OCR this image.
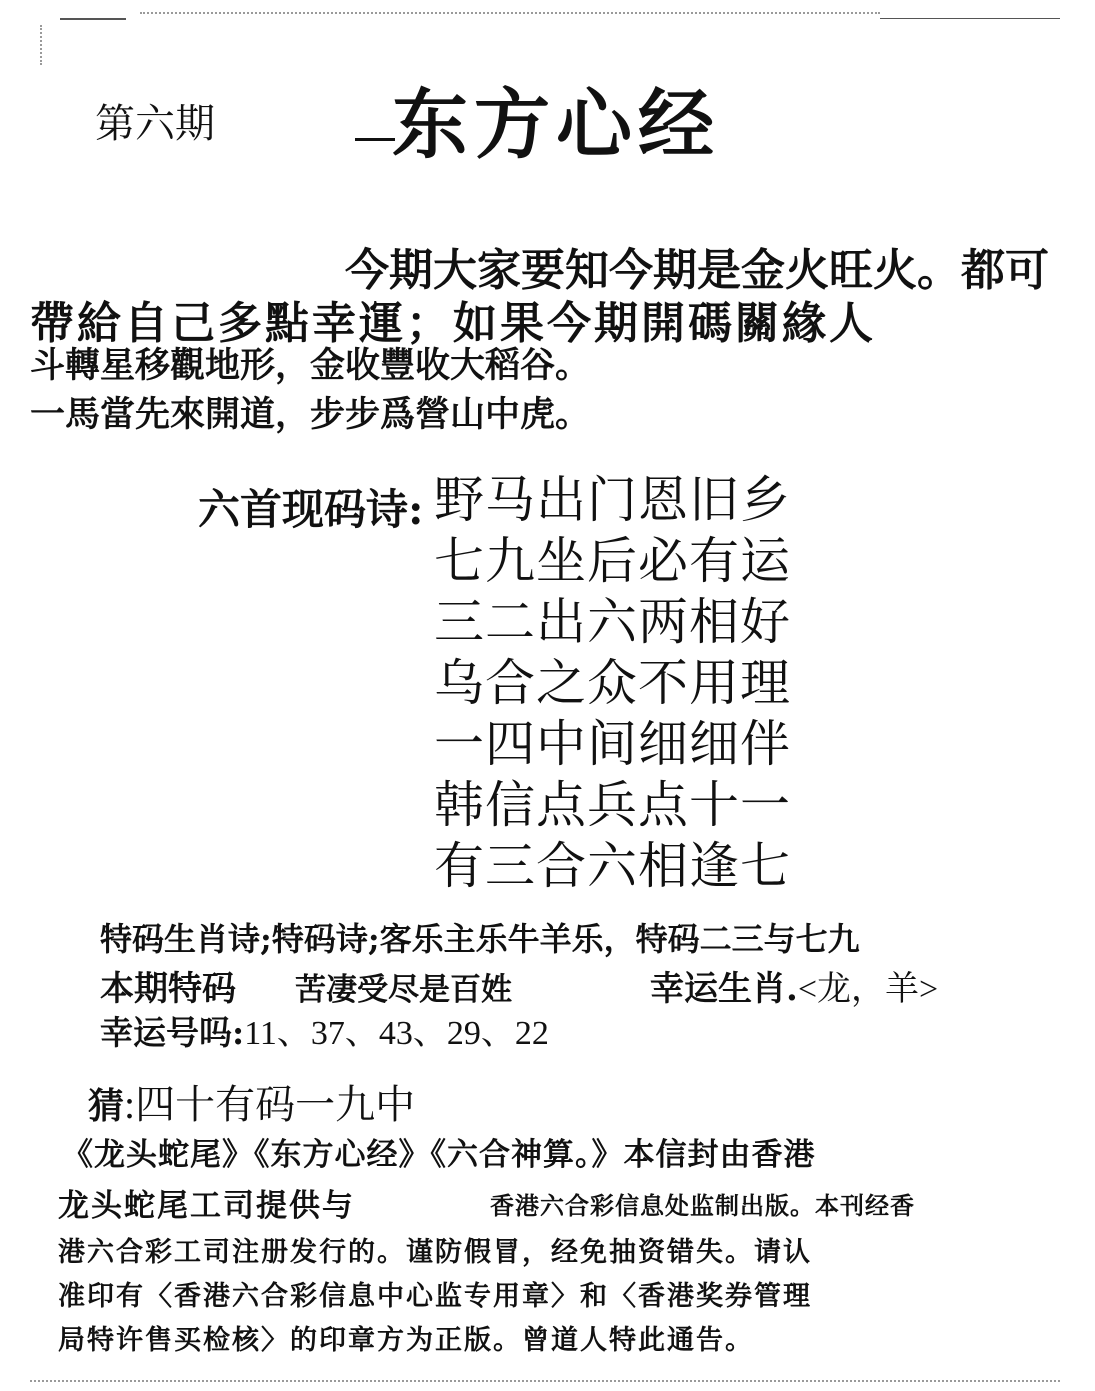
第六期 东方心经
今期大家要知今期是金火旺火。都可
帶給自己多點幸運；如果今期開碼關緣人
斗轉星移觀地形，金收豐收大稻谷。
一馬當先來開道，步步爲營山中虎。
六首现码诗: 野马出门恩旧乡
七九坐后必有运
三二出六两相好
乌合之众不用理
一四中间细细伴
韩信点兵点十一
有三合六相逢七
特码生肖诗;特码诗;客乐主乐牛羊乐，特码二三与七九
本期特码 苦凄受尽是百姓	幸运生肖.<龙，羊>
幸运号吗:11、37、43、29、22
猜:四十有码一九中
《龙头蛇尾》《东方心经》《六合神算。》本信封由香港
龙头蛇尾工司提供与	香港六合彩信息处监制出版。本刊经香
港六合彩工司注册发行的。谨防假冒，经免抽资错失。请认
准印有〈香港六合彩信息中心监专用章〉和〈香港奖券管理
局特许售买检核〉的印章方为正版。曾道人特此通告。
